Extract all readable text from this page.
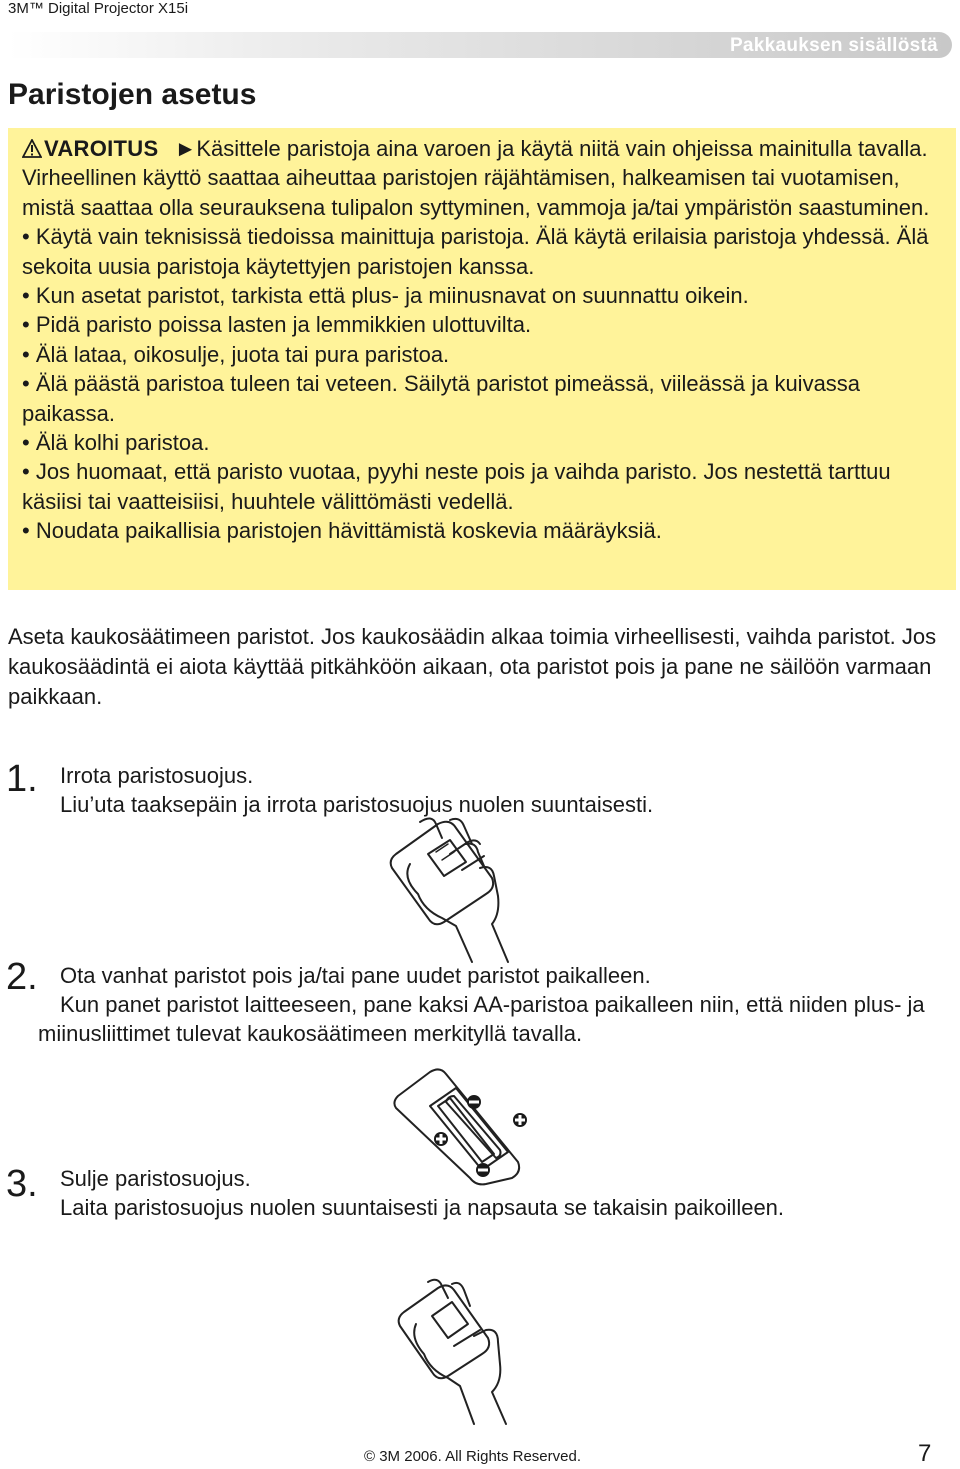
3M™ Digital Projector X15i
Pakkauksen sisällöstä
Paristojen asetus

VAROITUS ►Käsittele paristoja aina varoen ja käytä niitä vain ohjeissa mainitulla tavalla. Virheellinen käyttö saattaa aiheuttaa paristojen räjähtämisen, halkeamisen tai vuotamisen, mistä saattaa olla seurauksena tulipalon syttyminen, vammoja ja/tai ympäristön saastuminen.

• Käytä vain teknisissä tiedoissa mainittuja paristoja. Älä käytä erilaisia paristoja yhdessä. Älä sekoita uusia paristoja käytettyjen paristojen kanssa.

• Kun asetat paristot, tarkista että plus- ja miinusnavat on suunnattu oikein.

• Pidä paristo poissa lasten ja lemmikkien ulottuvilta.

• Älä lataa, oikosulje, juota tai pura paristoa.

• Älä päästä paristoa tuleen tai veteen. Säilytä paristot pimeässä, viileässä ja kuivassa paikassa.

• Älä kolhi paristoa.

• Jos huomaat, että paristo vuotaa, pyyhi neste pois ja vaihda paristo. Jos nestettä tarttuu käsiisi tai vaatteisiisi, huuhtele välittömästi vedellä.

• Noudata paikallisia paristojen hävittämistä koskevia määräyksiä.

Aseta kaukosäätimeen paristot. Jos kaukosäädin alkaa toimia virheellisesti, vaihda paristot. Jos kaukosäädintä ei aiota käyttää pitkähköön aikaan, ota paristot pois ja pane ne säilöön varmaan paikkaan.

1. Irrota paristosuojus.

Liu’uta taaksepäin ja irrota paristosuojus nuolen suuntaisesti.

2. Ota vanhat paristot pois ja/tai pane uudet paristot paikalleen.

Kun panet paristot laitteeseen, pane kaksi AA-paristoa paikalleen niin, että niiden plus- ja miinusliittimet tulevat kaukosäätimeen merkityllä tavalla.

3. Sulje paristosuojus.

Laita paristosuojus nuolen suuntaisesti ja napsauta se takaisin paikoilleen.

© 3M 2006. All Rights Reserved.	7
